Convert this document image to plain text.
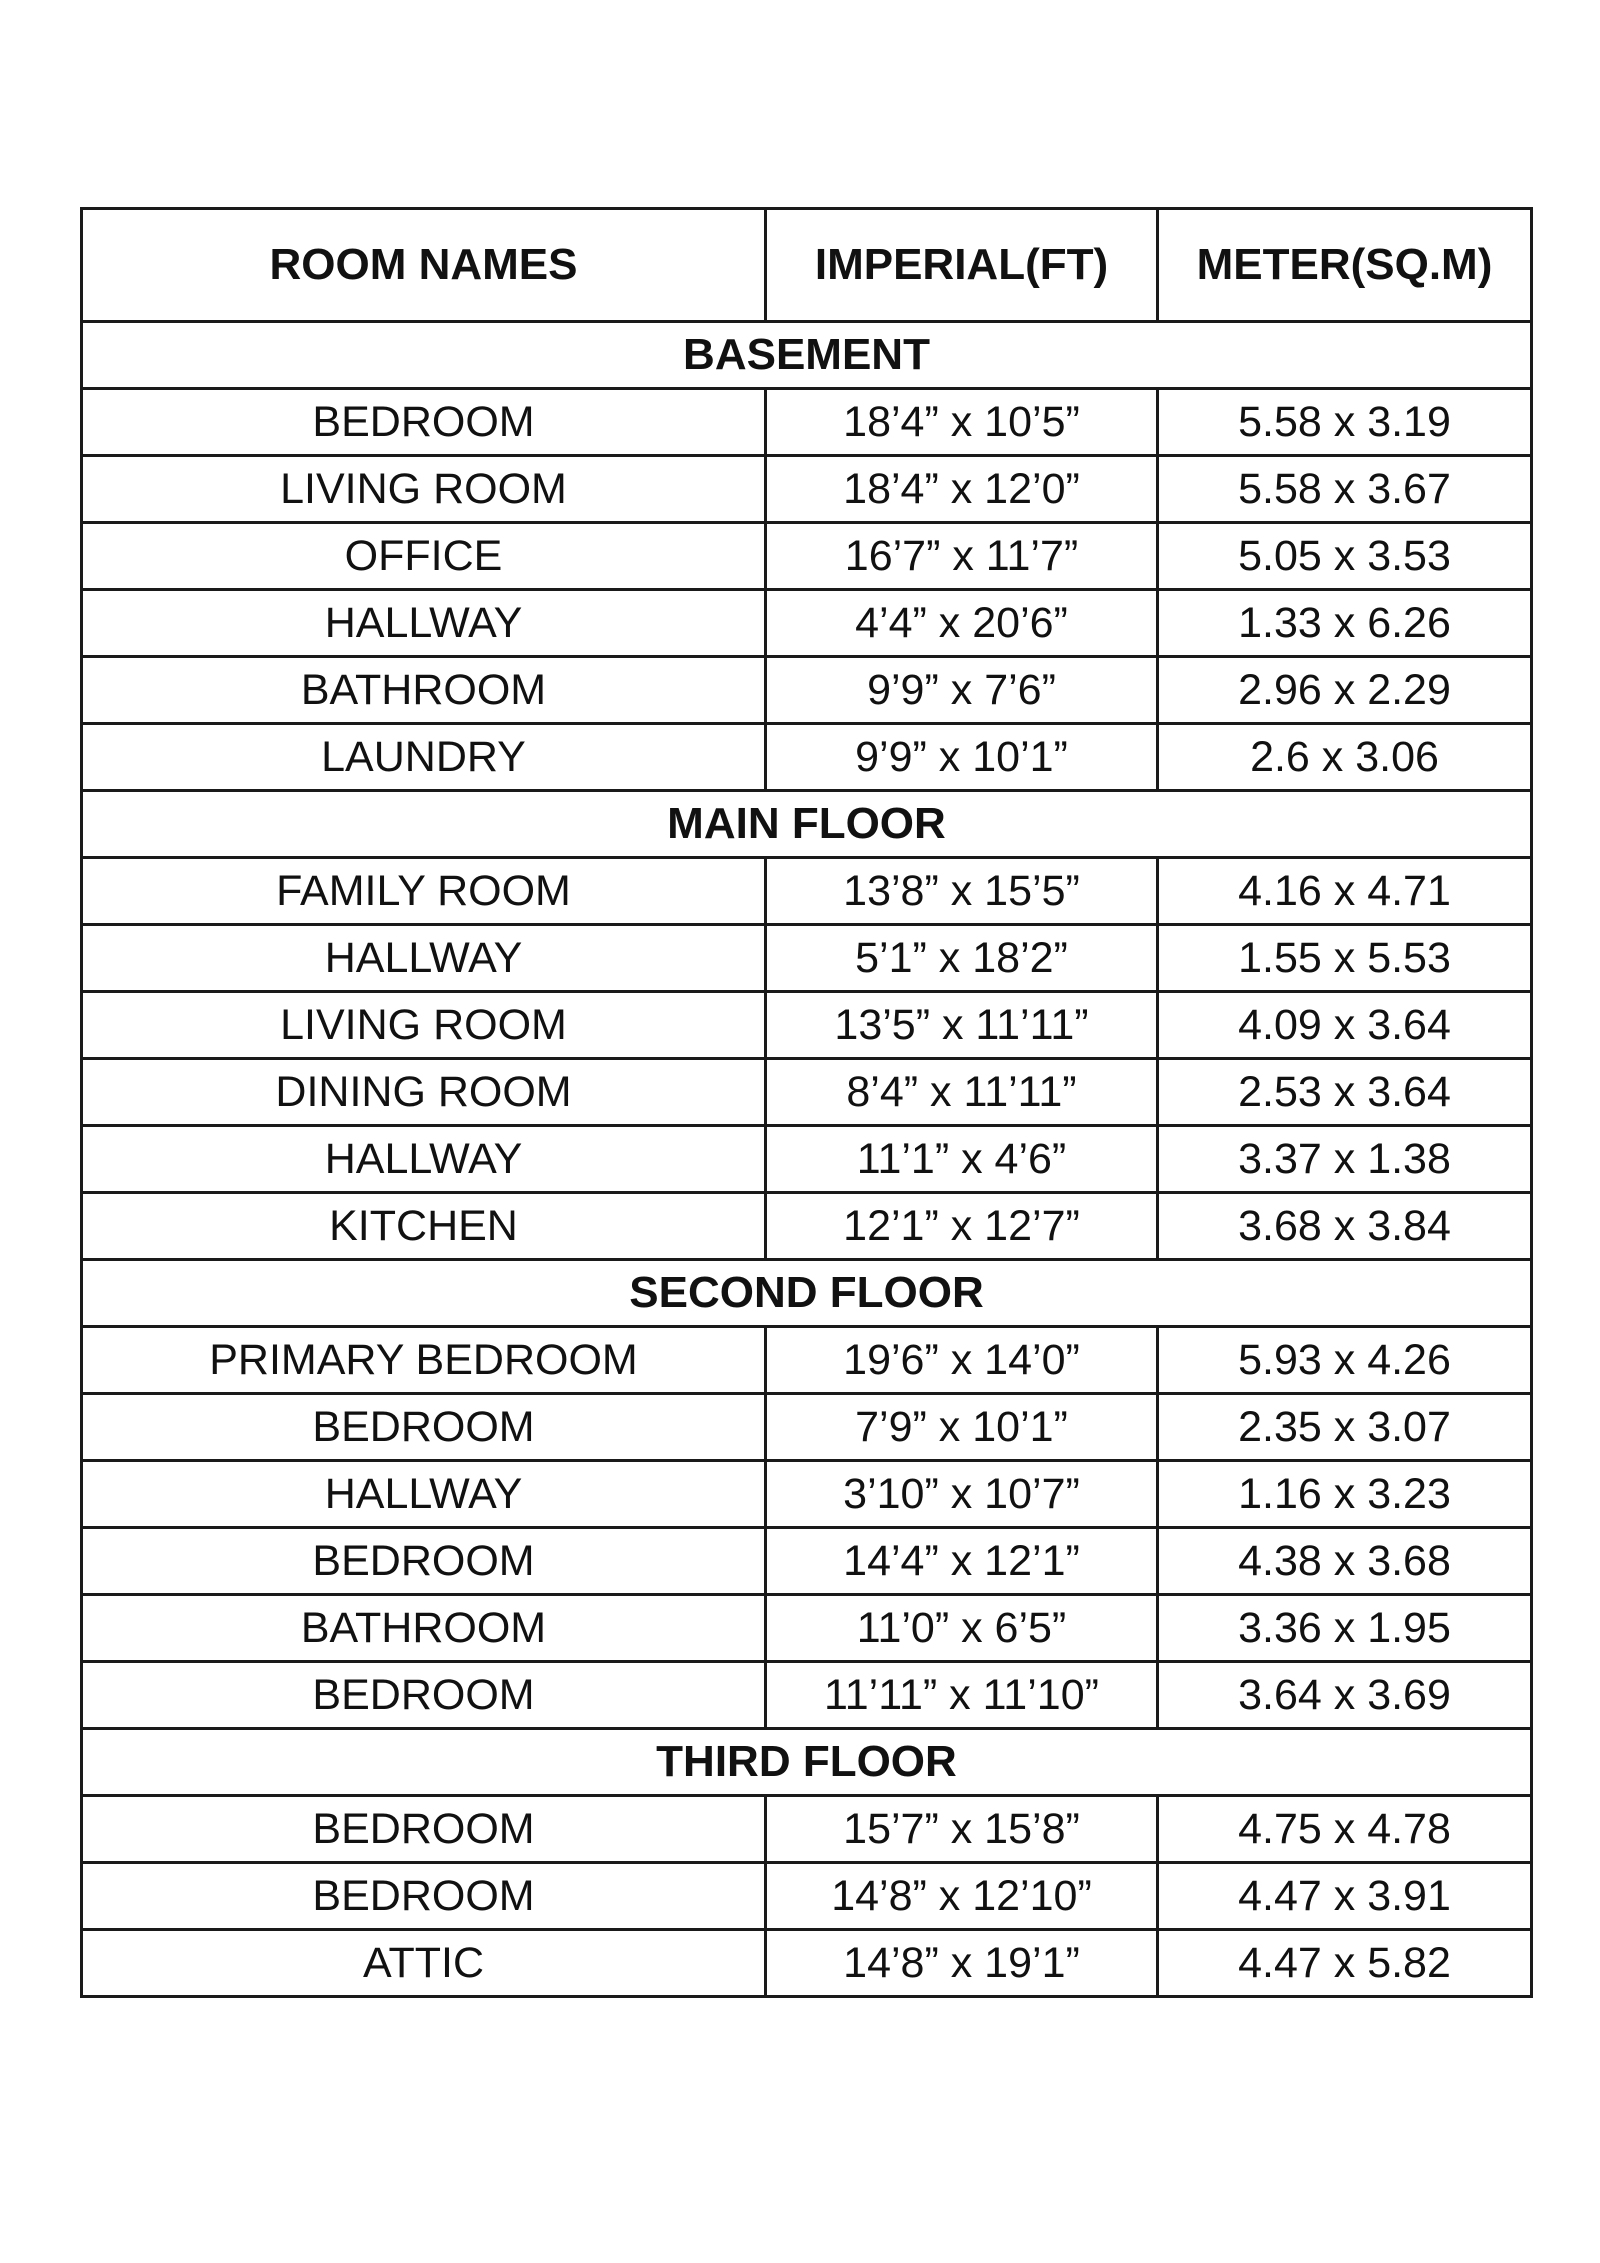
ROOM NAMES	IMPERIAL(FT)	METER(SQ.M)
BASEMENT		
BEDROOM	18’4” x 10’5”	5.58 x 3.19
LIVING ROOM	18’4” x 12’0”	5.58 x 3.67
OFFICE	16’7” x 11’7”	5.05 x 3.53
HALLWAY	4’4” x 20’6”	1.33 x 6.26
BATHROOM	9’9” x 7’6”	2.96 x 2.29
LAUNDRY	9’9” x 10’1”	2.6 x 3.06
MAIN FLOOR		
FAMILY ROOM	13’8” x 15’5”	4.16 x 4.71
HALLWAY	5’1” x 18’2”	1.55 x 5.53
LIVING ROOM	13’5” x 11’11”	4.09 x 3.64
DINING ROOM	8’4” x 11’11”	2.53 x 3.64
HALLWAY	11’1” x 4’6”	3.37 x 1.38
KITCHEN	12’1” x 12’7”	3.68 x 3.84
SECOND FLOOR		
PRIMARY BEDROOM	19’6” x 14’0”	5.93 x 4.26
BEDROOM	7’9” x 10’1”	2.35 x 3.07
HALLWAY	3’10” x 10’7”	1.16 x 3.23
BEDROOM	14’4” x 12’1”	4.38 x 3.68
BATHROOM	11’0” x 6’5”	3.36 x 1.95
BEDROOM	11’11” x 11’10”	3.64 x 3.69
THIRD FLOOR		
BEDROOM	15’7” x 15’8”	4.75 x 4.78
BEDROOM	14’8” x 12’10”	4.47 x 3.91
ATTIC	14’8” x 19’1”	4.47 x 5.82
